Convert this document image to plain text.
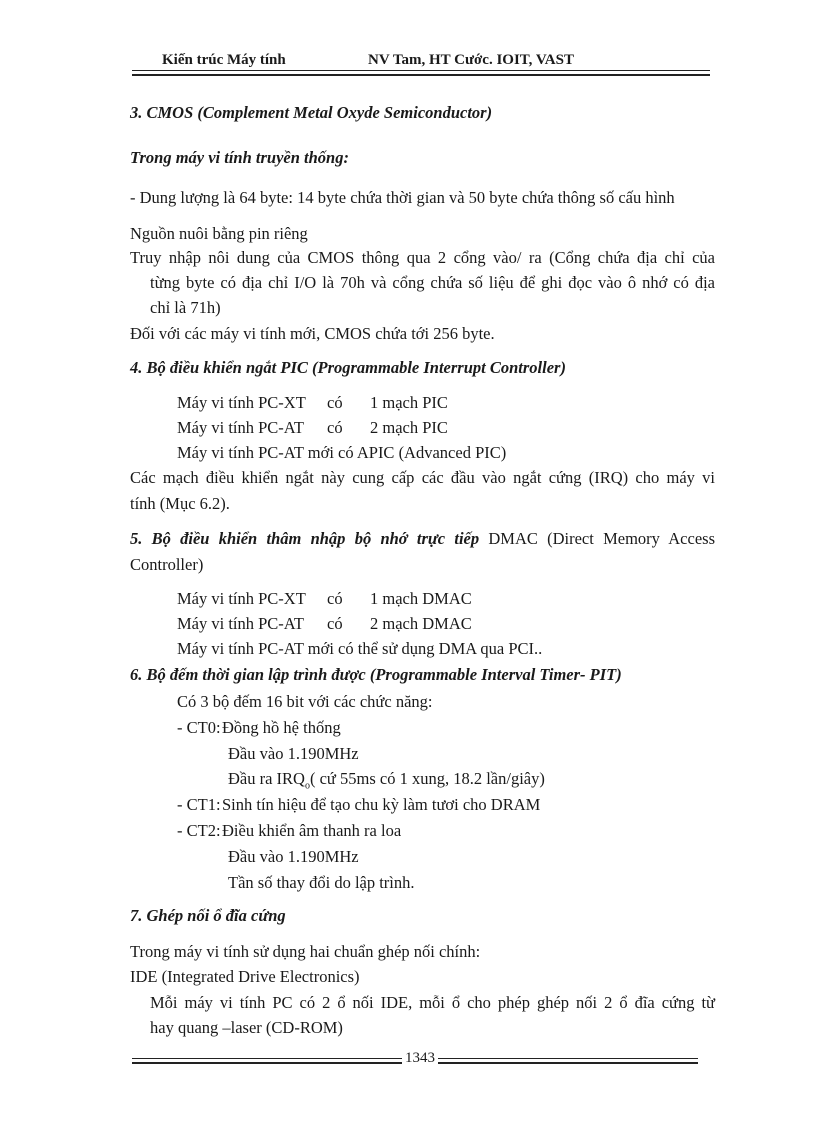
Kiến trúc Máy tính	NV Tam, HT Cước. IOIT, VAST
3. CMOS (Complement Metal Oxyde Semiconductor)
Trong máy vi tính truyền thống:
- Dung lượng là 64 byte: 14 byte chứa thời gian và 50 byte chứa thông số cấu hình
Nguồn nuôi bằng pin riêng
Truy nhập nôi dung của CMOS thông qua 2 cổng vào/ ra (Cổng chứa địa chỉ của
từng byte có địa chỉ I/O là 70h và cổng chứa số liệu để ghi đọc vào ô nhớ có địa
chỉ là 71h)
Đối với các máy vi tính mới, CMOS chứa tới 256 byte.
4. Bộ điều khiển ngắt PIC (Programmable Interrupt Controller)
Máy vi tính PC-XT có 1 mạch PIC
Máy vi tính PC-AT có 2 mạch PIC
Máy vi tính PC-AT mới có APIC (Advanced PIC)
Các mạch điều khiển ngắt này cung cấp các đầu vào ngắt cứng (IRQ) cho máy vi
tính (Mục 6.2).
5. Bộ điều khiển thâm nhập bộ nhớ trực tiếp DMAC (Direct Memory Access
Controller)
Máy vi tính PC-XT có 1 mạch DMAC
Máy vi tính PC-AT có 2 mạch DMAC
Máy vi tính PC-AT mới có thể sử dụng DMA qua PCI..
6. Bộ đếm thời gian lập trình được (Programmable Interval Timer- PIT)
Có 3 bộ đếm 16 bit với các chức năng:
- CT0: Đồng hồ hệ thống
Đầu vào 1.190MHz
Đầu ra $IRQ_o$( cứ 55ms có 1 xung, 18.2 lần/giây)
- CT1: Sinh tín hiệu để tạo chu kỳ làm tươi cho DRAM
- CT2: Điều khiển âm thanh ra loa
Đầu vào 1.190MHz
Tần số thay đổi do lập trình.
7. Ghép nối ổ đĩa cứng
Trong máy vi tính sử dụng hai chuẩn ghép nối chính:
IDE (Integrated Drive Electronics)
Mỗi máy vi tính PC có 2 ổ nối IDE, mỗi ổ cho phép ghép nối 2 ổ đĩa cứng từ
hay quang –laser (CD-ROM)
1343
